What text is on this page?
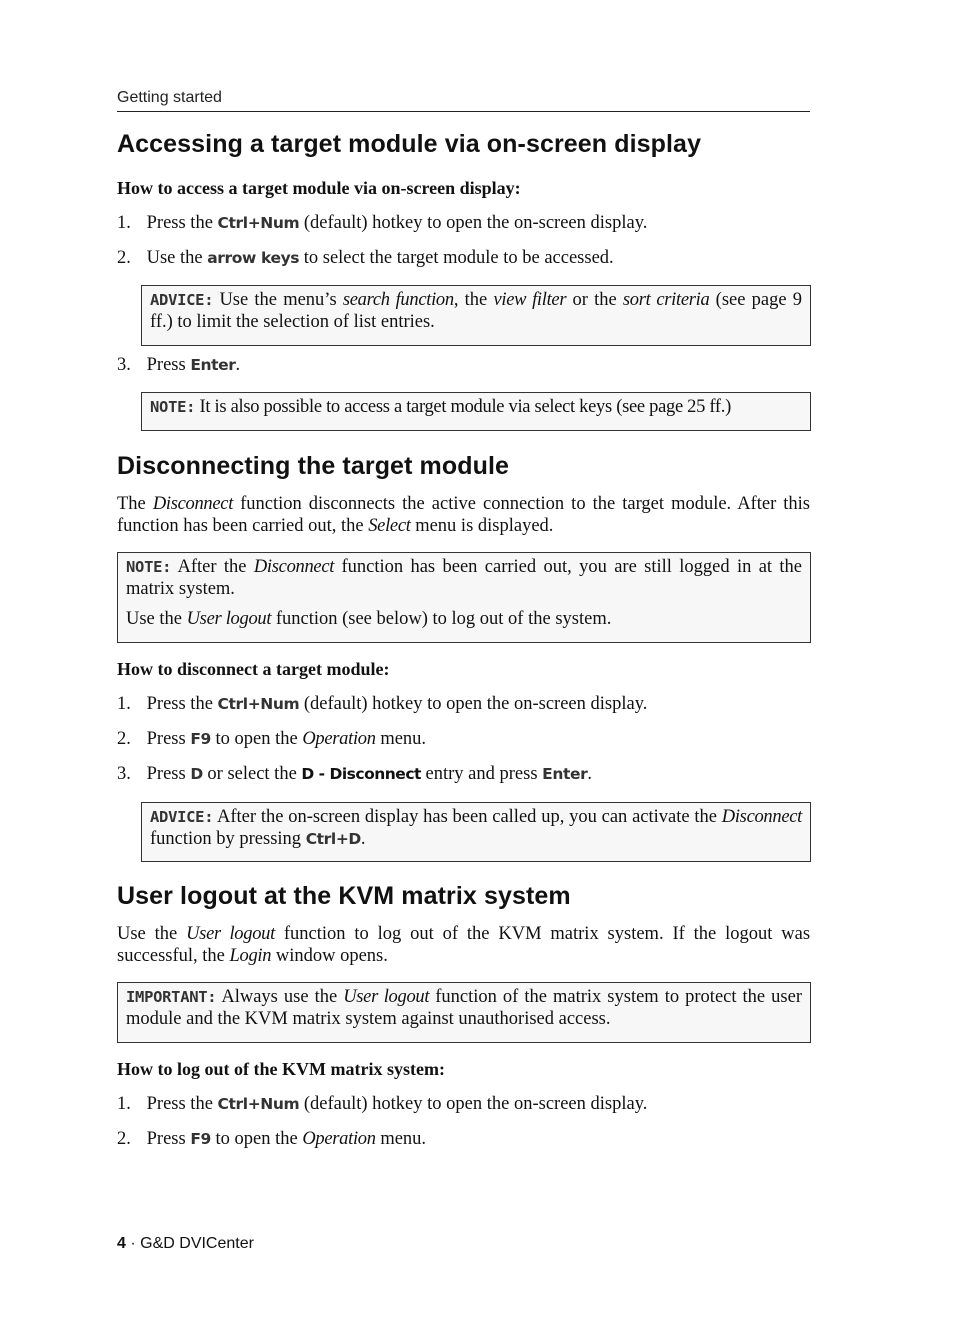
Getting started
Accessing a target module via on-screen display
How to access a target module via on-screen display:
1. Press the Ctrl+Num (default) hotkey to open the on-screen display.
2. Use the arrow keys to select the target module to be accessed.

ADVICE: Use the menu’s search function, the view filter or the sort criteria (see page 9 ff.) to limit the selection of list entries.

3. Press Enter.

NOTE: It is also possible to access a target module via select keys (see page 25 ff.)

Disconnecting the target module
The Disconnect function disconnects the active connection to the target module. After this function has been carried out, the Select menu is displayed.

NOTE: After the Disconnect function has been carried out, you are still logged in at the matrix system.

Use the User logout function (see below) to log out of the system.

How to disconnect a target module:
1. Press the Ctrl+Num (default) hotkey to open the on-screen display.
2. Press F9 to open the Operation menu.
3. Press D or select the D - Disconnect entry and press Enter.

ADVICE: After the on-screen display has been called up, you can activate the Disconnect function by pressing Ctrl+D.

User logout at the KVM matrix system
Use the User logout function to log out of the KVM matrix system. If the logout was successful, the Login window opens.

IMPORTANT: Always use the User logout function of the matrix system to protect the user module and the KVM matrix system against unauthorised access.

How to log out of the KVM matrix system:
1. Press the Ctrl+Num (default) hotkey to open the on-screen display.
2. Press F9 to open the Operation menu.
4 · G&D DVICenter
